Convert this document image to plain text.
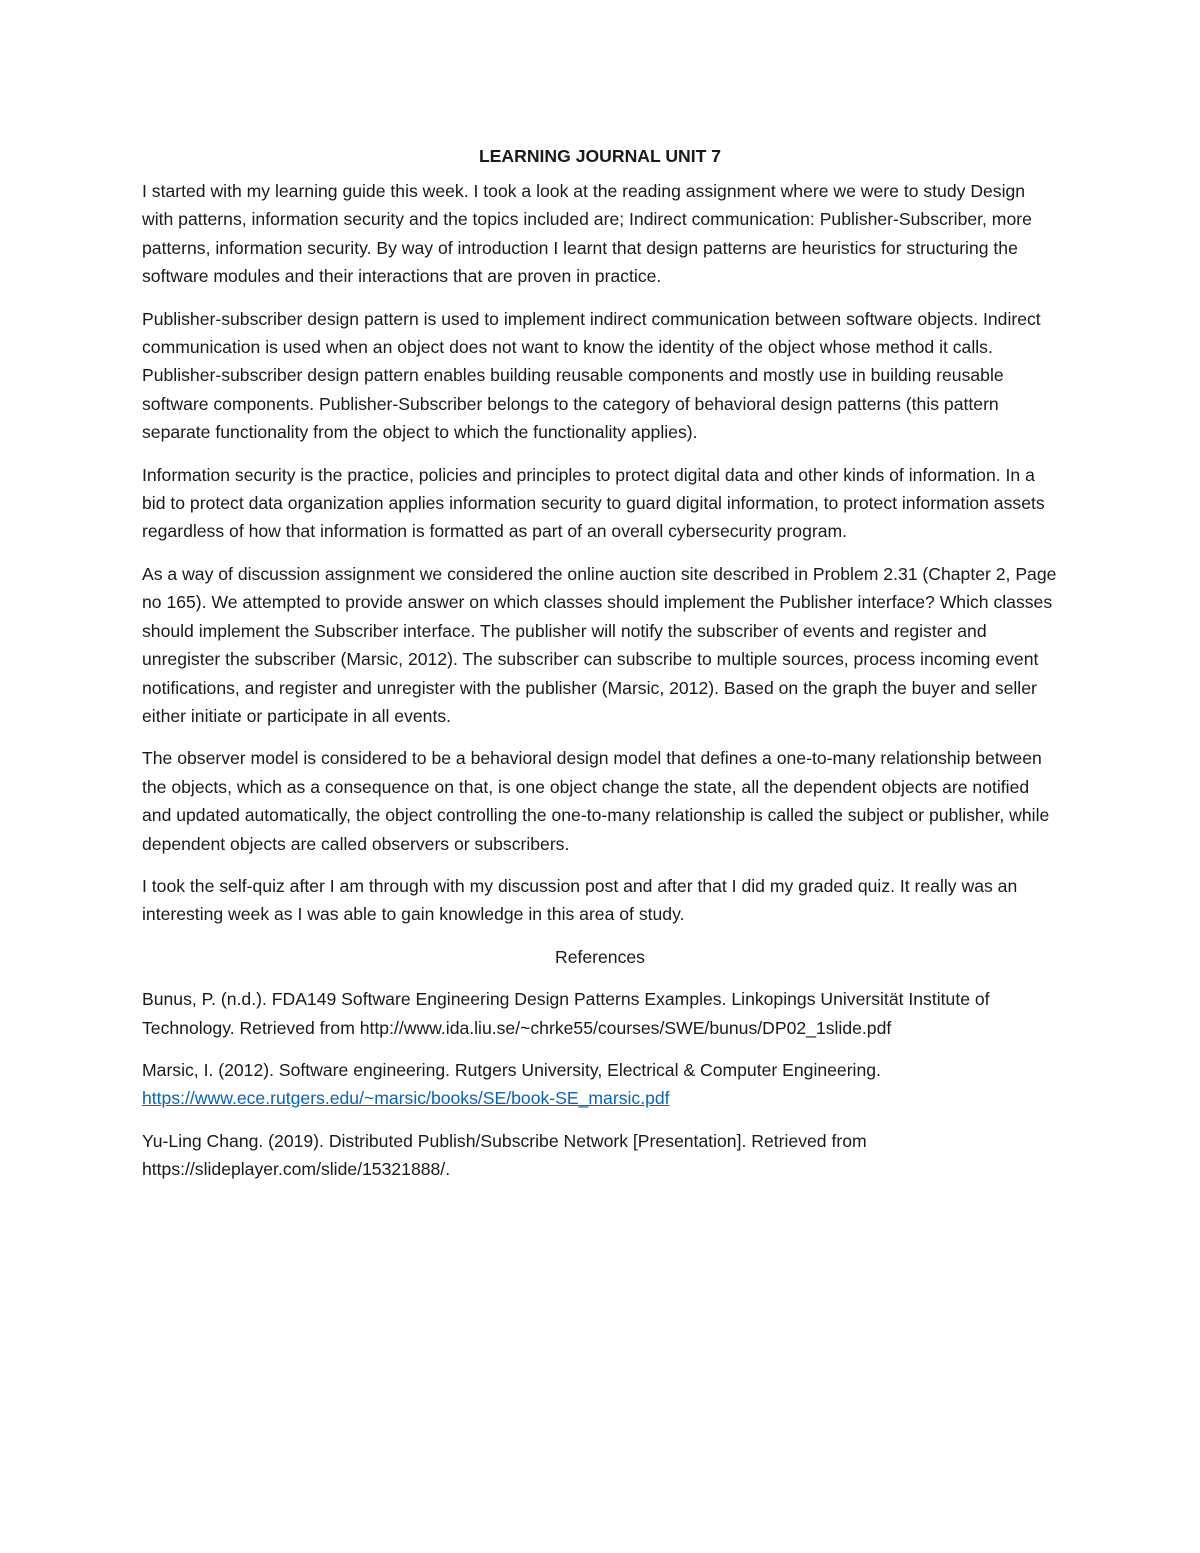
LEARNING JOURNAL UNIT 7

I started with my learning guide this week. I took a look at the reading assignment where we were to study Design with patterns, information security and the topics included are; Indirect communication: Publisher-Subscriber, more patterns, information security. By way of introduction I learnt that design patterns are heuristics for structuring the software modules and their interactions that are proven in practice.

Publisher-subscriber design pattern is used to implement indirect communication between software objects. Indirect communication is used when an object does not want to know the identity of the object whose method it calls. Publisher-subscriber design pattern enables building reusable components and mostly use in building reusable software components. Publisher-Subscriber belongs to the category of behavioral design patterns (this pattern separate functionality from the object to which the functionality applies).

Information security is the practice, policies and principles to protect digital data and other kinds of information. In a bid to protect data organization applies information security to guard digital information, to protect information assets regardless of how that information is formatted as part of an overall cybersecurity program.

As a way of discussion assignment we considered the online auction site described in Problem 2.31 (Chapter 2, Page no 165). We attempted to provide answer on which classes should implement the Publisher interface? Which classes should implement the Subscriber interface. The publisher will notify the subscriber of events and register and unregister the subscriber (Marsic, 2012). The subscriber can subscribe to multiple sources, process incoming event notifications, and register and unregister with the publisher (Marsic, 2012). Based on the graph the buyer and seller either initiate or participate in all events.

The observer model is considered to be a behavioral design model that defines a one-to-many relationship between the objects, which as a consequence on that, is one object change the state, all the dependent objects are notified and updated automatically, the object controlling the one-to-many relationship is called the subject or publisher, while dependent objects are called observers or subscribers.

I took the self-quiz after I am through with my discussion post and after that I did my graded quiz. It really was an interesting week as I was able to gain knowledge in this area of study.

References
Bunus, P. (n.d.). FDA149 Software Engineering Design Patterns Examples. Linkopings Universität Institute of Technology. Retrieved from http://www.ida.liu.se/~chrke55/courses/SWE/bunus/DP02_1slide.pdf
Marsic, I. (2012). Software engineering. Rutgers University, Electrical & Computer Engineering.
https://www.ece.rutgers.edu/~marsic/books/SE/book-SE_marsic.pdf
Yu-Ling Chang. (2019). Distributed Publish/Subscribe Network [Presentation]. Retrieved from https://slideplayer.com/slide/15321888/.
